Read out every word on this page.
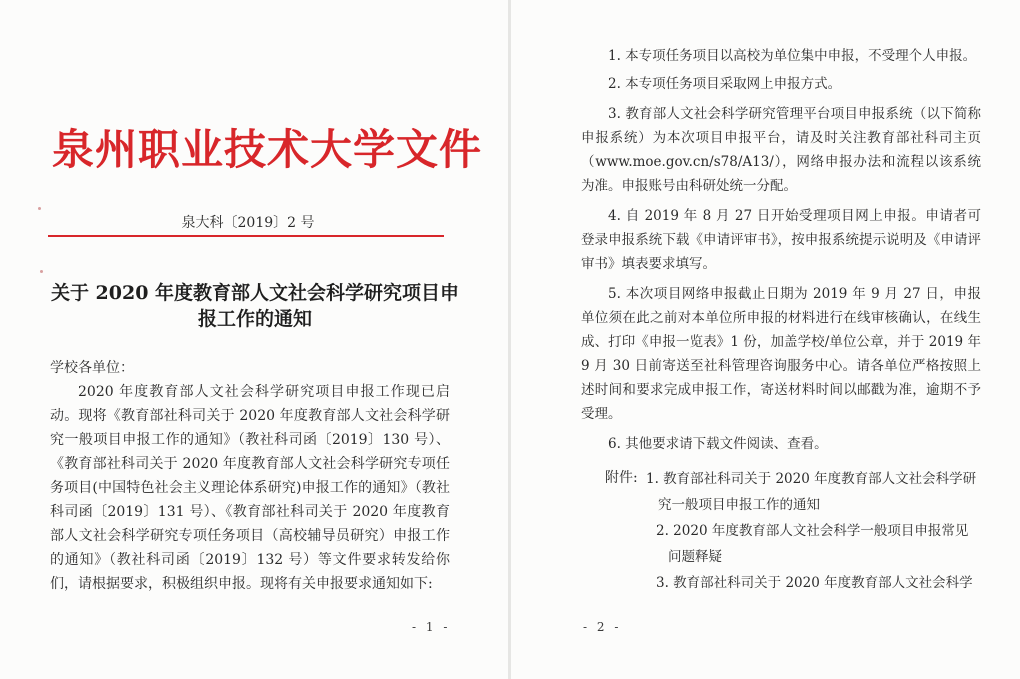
泉州职业技术大学文件
泉大科〔2019〕2 号
关于 2020 年度教育部人文社会科学研究项目申
报工作的通知
学校各单位：

2020 年度教育部人文社会科学研究项目申报工作现已启动。现将《教育部社科司关于 2020 年度教育部人文社会科学研究一般项目申报工作的通知》（教社科司函〔2019〕130 号）、《教育部社科司关于 2020 年度教育部人文社会科学研究专项任务项目(中国特色社会主义理论体系研究)申报工作的通知》（教社科司函〔2019〕131 号）、《教育部社科司关于 2020 年度教育部人文社会科学研究专项任务项目（高校辅导员研究）申报工作的通知》（教社科司函〔2019〕132 号）等文件要求转发给你们，请根据要求，积极组织申报。现将有关申报要求通知如下:

- 1 -
1. 本专项任务项目以高校为单位集中申报，不受理个人申报。
2. 本专项任务项目采取网上申报方式。
3. 教育部人文社会科学研究管理平台项目申报系统（以下简称申报系统）为本次项目申报平台，请及时关注教育部社科司主页（www.moe.gov.cn/s78/A13/），网络申报办法和流程以该系统为准。申报账号由科研处统一分配。
4. 自 2019 年 8 月 27 日开始受理项目网上申报。申请者可登录申报系统下载《申请评审书》，按申报系统提示说明及《申请评审书》填表要求填写。
5. 本次项目网络申报截止日期为 2019 年 9 月 27 日，申报单位须在此之前对本单位所申报的材料进行在线审核确认，在线生成、打印《申报一览表》1 份，加盖学校/单位公章，并于 2019 年 9 月 30 日前寄送至社科管理咨询服务中心。请各单位严格按照上述时间和要求完成申报工作，寄送材料时间以邮戳为准，逾期不予受理。
6. 其他要求请下载文件阅读、查看。
附件: 1. 教育部社科司关于 2020 年度教育部人文社会科学研
究一般项目申报工作的通知
2. 2020 年度教育部人文社会科学一般项目申报常见
问题释疑
3. 教育部社科司关于 2020 年度教育部人文社会科学
- 2 -
